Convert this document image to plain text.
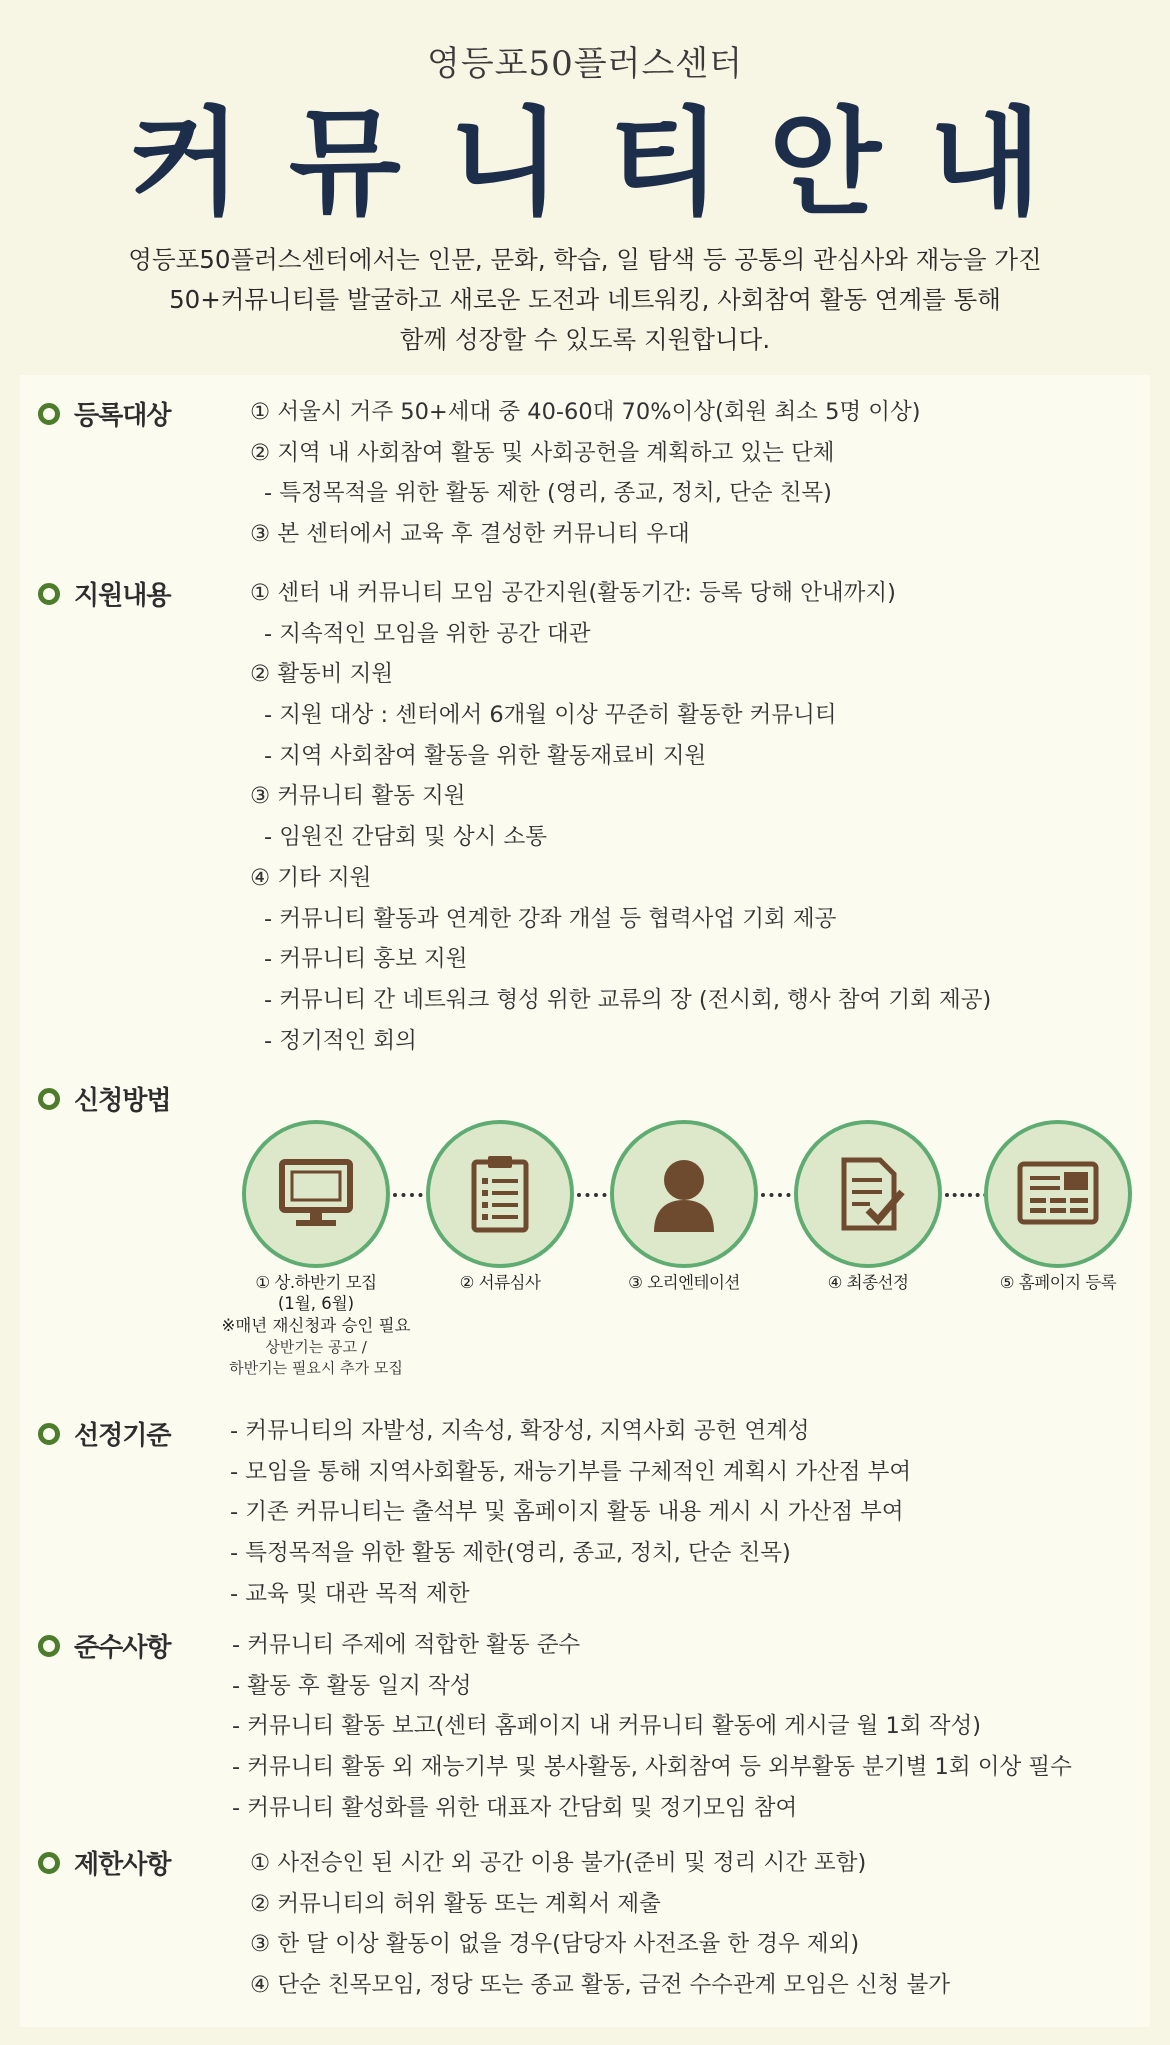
영등포50플러스센터
커뮤니티안내
영등포50플러스센터에서는 인문, 문화, 학습, 일 탐색 등 공통의 관심사와 재능을 가진
50+커뮤니티를 발굴하고 새로운 도전과 네트워킹, 사회참여 활동 연계를 통해
함께 성장할 수 있도록 지원합니다.
등록대상	① 서울시 거주 50+세대 중 40-60대 70%이상(회원 최소 5명 이상)
② 지역 내 사회참여 활동 및 사회공헌을 계획하고 있는 단체
- 특정목적을 위한 활동 제한 (영리, 종교, 정치, 단순 친목)
③ 본 센터에서 교육 후 결성한 커뮤니티 우대
지원내용	① 센터 내 커뮤니티 모임 공간지원(활동기간: 등록 당해 안내까지)
- 지속적인 모임을 위한 공간 대관
② 활동비 지원
- 지원 대상 : 센터에서 6개월 이상 꾸준히 활동한 커뮤니티
- 지역 사회참여 활동을 위한 활동재료비 지원
③ 커뮤니티 활동 지원
- 임원진 간담회 및 상시 소통
④ 기타 지원
- 커뮤니티 활동과 연계한 강좌 개설 등 협력사업 기회 제공
- 커뮤니티 홍보 지원
- 커뮤니티 간 네트워크 형성 위한 교류의 장 (전시회, 행사 참여 기회 제공)
- 정기적인 회의
신청방법
① 상.하반기 모집	② 서류심사	③ 오리엔테이션	④ 최종선정	⑤ 홈페이지 등록
(1월, 6월)
※매년 재신청과 승인 필요
상반기는 공고 /
하반기는 필요시 추가 모집
선정기준	- 커뮤니티의 자발성, 지속성, 확장성, 지역사회 공헌 연계성
- 모임을 통해 지역사회활동, 재능기부를 구체적인 계획시 가산점 부여
- 기존 커뮤니티는 출석부 및 홈페이지 활동 내용 게시 시 가산점 부여
- 특정목적을 위한 활동 제한(영리, 종교, 정치, 단순 친목)
- 교육 및 대관 목적 제한
준수사항	- 커뮤니티 주제에 적합한 활동 준수
- 활동 후 활동 일지 작성
- 커뮤니티 활동 보고(센터 홈페이지 내 커뮤니티 활동에 게시글 월 1회 작성)
- 커뮤니티 활동 외 재능기부 및 봉사활동, 사회참여 등 외부활동 분기별 1회 이상 필수
- 커뮤니티 활성화를 위한 대표자 간담회 및 정기모임 참여
제한사항	① 사전승인 된 시간 외 공간 이용 불가(준비 및 정리 시간 포함)
② 커뮤니티의 허위 활동 또는 계획서 제출
③ 한 달 이상 활동이 없을 경우(담당자 사전조율 한 경우 제외)
④ 단순 친목모임, 정당 또는 종교 활동, 금전 수수관계 모임은 신청 불가
